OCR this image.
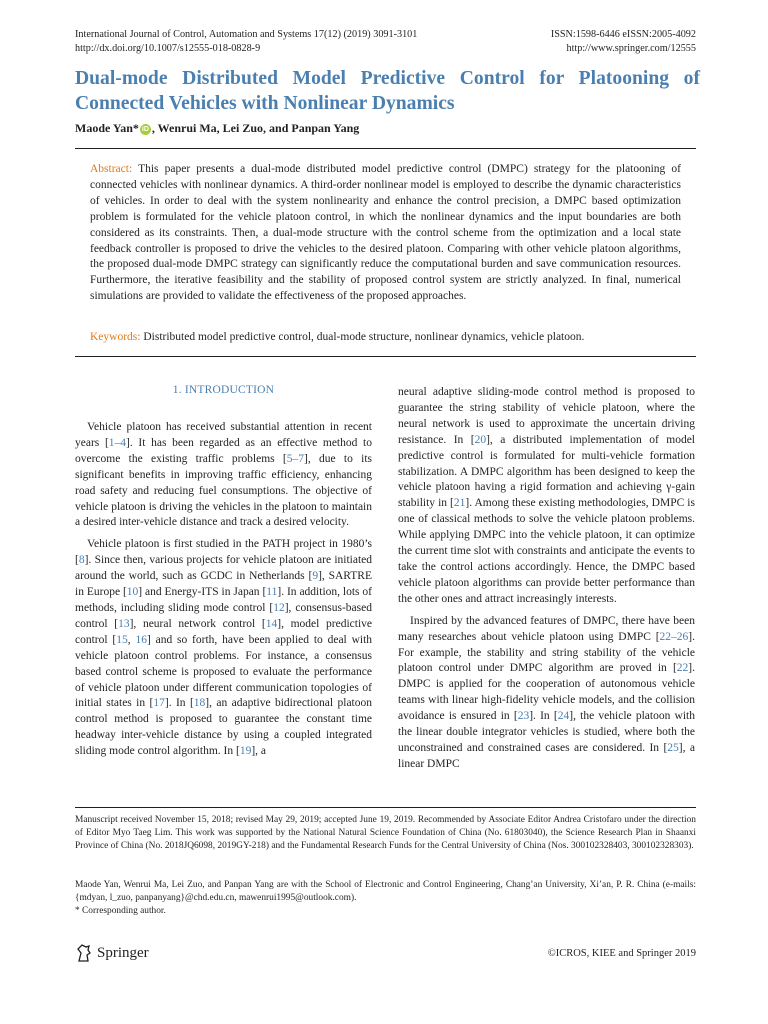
International Journal of Control, Automation and Systems 17(12) (2019) 3091-3101
http://dx.doi.org/10.1007/s12555-018-0828-9
ISSN:1598-6446 eISSN:2005-4092
http://www.springer.com/12555
Dual-mode Distributed Model Predictive Control for Platooning of Connected Vehicles with Nonlinear Dynamics
Maode Yan* iD , Wenrui Ma, Lei Zuo, and Panpan Yang
Abstract: This paper presents a dual-mode distributed model predictive control (DMPC) strategy for the platooning of connected vehicles with nonlinear dynamics. A third-order nonlinear model is employed to describe the dynamic characteristics of vehicles. In order to deal with the system nonlinearity and enhance the control precision, a DMPC based optimization problem is formulated for the vehicle platoon control, in which the nonlinear dynamics and the input boundaries are both considered as its constraints. Then, a dual-mode structure with the control scheme from the optimization and a local state feedback controller is proposed to drive the vehicles to the desired platoon. Comparing with other vehicle platoon algorithms, the proposed dual-mode DMPC strategy can significantly reduce the computational burden and save communication resources. Furthermore, the iterative feasibility and the stability of proposed control system are strictly analyzed. In final, numerical simulations are provided to validate the effectiveness of the proposed approaches.
Keywords: Distributed model predictive control, dual-mode structure, nonlinear dynamics, vehicle platoon.
1. INTRODUCTION

Vehicle platoon has received substantial attention in recent years [1–4]. It has been regarded as an effective method to overcome the existing traffic problems [5–7], due to its significant benefits in improving traffic efficiency, enhancing road safety and reducing fuel consumptions. The objective of vehicle platoon is driving the vehicles in the platoon to maintain a desired inter-vehicle distance and track a desired velocity.

Vehicle platoon is first studied in the PATH project in 1980’s [8]. Since then, various projects for vehicle platoon are initiated around the world, such as GCDC in Netherlands [9], SARTRE in Europe [10] and Energy-ITS in Japan [11]. In addition, lots of methods, including sliding mode control [12], consensus-based control [13], neural network control [14], model predictive control [15, 16] and so forth, have been applied to deal with vehicle platoon control problems. For instance, a consensus based control scheme is proposed to evaluate the performance of vehicle platoon under different communication topologies of initial states in [17]. In [18], an adaptive bidirectional platoon control method is proposed to guarantee the constant time headway inter-vehicle distance by using a coupled integrated sliding mode control algorithm. In [19], a

neural adaptive sliding-mode control method is proposed to guarantee the string stability of vehicle platoon, where the neural network is used to approximate the uncertain driving resistance. In [20], a distributed implementation of model predictive control is formulated for multi-vehicle formation stabilization. A DMPC algorithm has been designed to keep the vehicle platoon having a rigid formation and achieving γ-gain stability in [21]. Among these existing methodologies, DMPC is one of classical methods to solve the vehicle platoon problems. While applying DMPC into the vehicle platoon, it can optimize the current time slot with constraints and anticipate the events to take the control actions accordingly. Hence, the DMPC based vehicle platoon algorithms can provide better performance than the other ones and attract increasingly interests.

Inspired by the advanced features of DMPC, there have been many researches about vehicle platoon using DMPC [22–26]. For example, the stability and string stability of the vehicle platoon control under DMPC algorithm are proved in [22]. DMPC is applied for the cooperation of autonomous vehicle teams with linear high-fidelity vehicle models, and the collision avoidance is ensured in [23]. In [24], the vehicle platoon with the linear double integrator vehicles is studied, where both the unconstrained and constrained cases are considered. In [25], a linear DMPC

Manuscript received November 15, 2018; revised May 29, 2019; accepted June 19, 2019. Recommended by Associate Editor Andrea Cristofaro under the direction of Editor Myo Taeg Lim. This work was supported by the National Natural Science Foundation of China (No. 61803040), the Science Research Plan in Shaanxi Province of China (No. 2018JQ6098, 2019GY-218) and the Fundamental Research Funds for the Central University of China (Nos. 300102328403, 300102328303).

Maode Yan, Wenrui Ma, Lei Zuo, and Panpan Yang are with the School of Electronic and Control Engineering, Chang’an University, Xi’an, P. R. China (e-mails: {mdyan, l_zuo, panpanyang}@chd.edu.cn, mawenrui1995@outlook.com).

* Corresponding author.

Springer	©ICROS, KIEE and Springer 2019
